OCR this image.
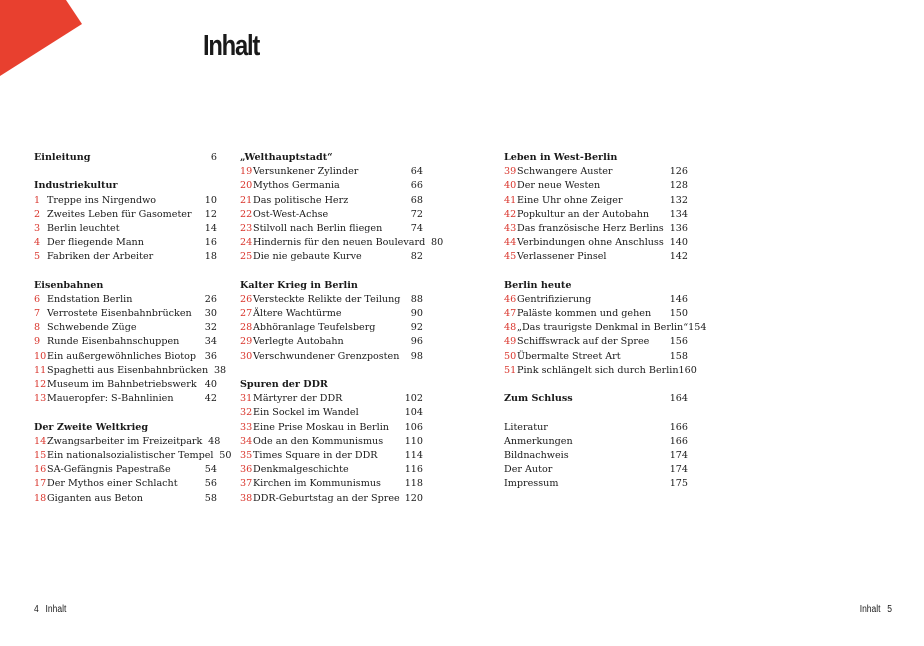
Inhalt
Einleitung	6
Industriekultur
1 Treppe ins Nirgendwo	10
2 Zweites Leben für Gasometer	12
3 Berlin leuchtet	14
4 Der fliegende Mann	16
5 Fabriken der Arbeiter	18
Eisenbahnen
6 Endstation Berlin	26
7 Verrostete Eisenbahnbrücken	30
8 Schwebende Züge	32
9 Runde Eisenbahnschuppen	34
10 Ein außergewöhnliches Biotop 36
11 Spaghetti aus Eisenbahnbrücken 38
12 Museum im Bahnbetriebswerk 40
13 Maueropfer: S-Bahnlinien	42
Der Zweite Weltkrieg
14 Zwangsarbeiter im Freizeitpark 48
15 Ein nationalsozialistischer Tempel 50
16 SA-Gefängnis Papestraße	54
17 Der Mythos einer Schlacht	56
18 Giganten aus Beton	58
„Welthauptstadt“
19 Versunkener Zylinder	64
20 Mythos Germania	66
21 Das politische Herz	68
22 Ost-West-Achse	72
23 Stilvoll nach Berlin fliegen	74
24 Hindernis für den neuen Boulevard 80
25 Die nie gebaute Kurve	82
Kalter Krieg in Berlin
26 Versteckte Relikte der Teilung	88
27 Ältere Wachtürme	90
28 Abhöranlage Teufelsberg	92
29 Verlegte Autobahn	96
30 Verschwundener Grenzposten	98
Spuren der DDR
31 Märtyrer der DDR	102
32 Ein Sockel im Wandel	104
33 Eine Prise Moskau in Berlin	106
34 Ode an den Kommunismus	110
35 Times Square in der DDR	114
36 Denkmalgeschichte	116
37 Kirchen im Kommunismus	118
38 DDR-Geburtstag an der Spree 120
Leben in West-Berlin
39 Schwangere Auster	126
40 Der neue Westen	128
41 Eine Uhr ohne Zeiger	132
42 Popkultur an der Autobahn	134
43 Das französische Herz Berlins 136
44 Verbindungen ohne Anschluss 140
45 Verlassener Pinsel	142
Berlin heute
46 Gentrifizierung	146
47 Paläste kommen und gehen	150
48 „Das traurigste Denkmal in Berlin“ 154
49 Schiffswrack auf der Spree	156
50 Übermalte Street Art	158
51 Pink schlängelt sich durch Berlin 160
Zum Schluss	164
Literatur	166
Anmerkungen	166
Bildnachweis	174
Der Autor	174
Impressum	175
4 Inhalt	Inhalt 5
